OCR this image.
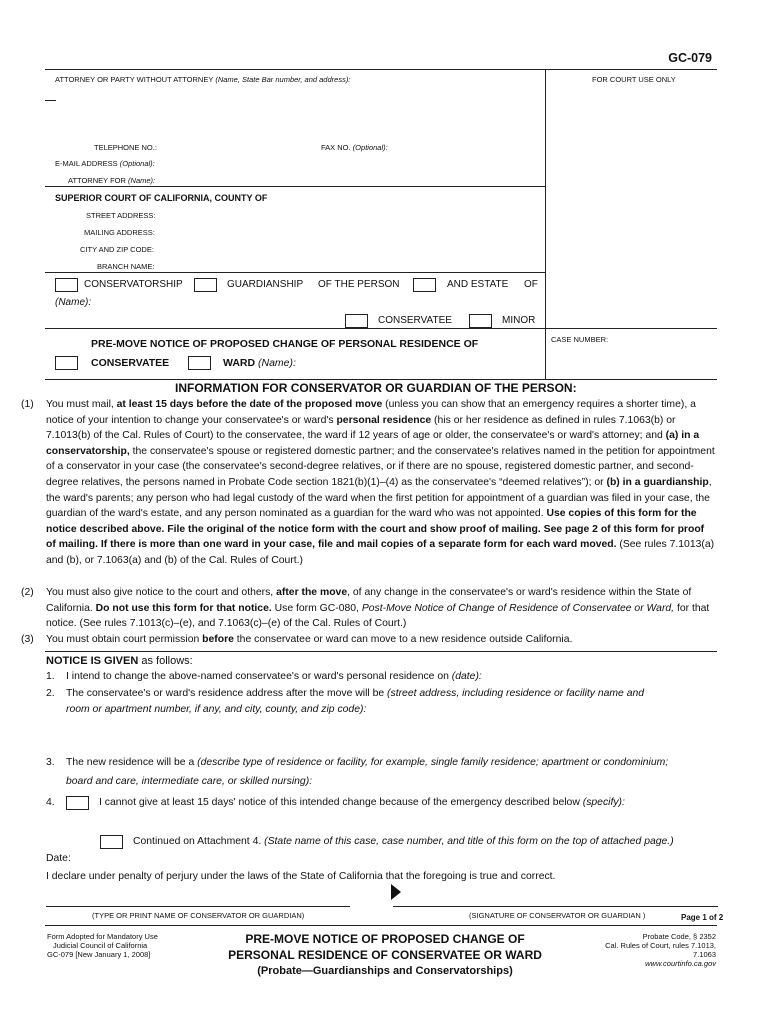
GC-079
ATTORNEY OR PARTY WITHOUT ATTORNEY (Name, State Bar number, and address):	FOR COURT USE ONLY
TELEPHONE NO.:	FAX NO. (Optional):
E-MAIL ADDRESS (Optional):
ATTORNEY FOR (Name):
SUPERIOR COURT OF CALIFORNIA, COUNTY OF
STREET ADDRESS:
MAILING ADDRESS:
CITY AND ZIP CODE:
BRANCH NAME:
CONSERVATORSHIP	GUARDIANSHIP OF THE PERSON	AND ESTATE OF
(Name):
CONSERVATEE	MINOR
PRE-MOVE NOTICE OF PROPOSED CHANGE OF PERSONAL RESIDENCE OF
CONSERVATEE	WARD (Name):
CASE NUMBER:
INFORMATION FOR CONSERVATOR OR GUARDIAN OF THE PERSON:
(1) You must mail, at least 15 days before the date of the proposed move (unless you can show that an emergency requires a shorter time), a notice of your intention to change your conservatee's or ward's personal residence (his or her residence as defined in rules 7.1063(b) or 7.1013(b) of the Cal. Rules of Court) to the conservatee, the ward if 12 years of age or older, the conservatee's or ward's attorney; and (a) in a conservatorship, the conservatee's spouse or registered domestic partner; and the conservatee's relatives named in the petition for appointment of a conservator in your case (the conservatee's second-degree relatives, or if there are no spouse, registered domestic partner, and second-degree relatives, the persons named in Probate Code section 1821(b)(1)–(4) as the conservatee's “deemed relatives”); or (b) in a guardianship, the ward's parents; any person who had legal custody of the ward when the first petition for appointment of a guardian was filed in your case, the guardian of the ward's estate, and any person nominated as a guardian for the ward who was not appointed. Use copies of this form for the notice described above. File the original of the notice form with the court and show proof of mailing. See page 2 of this form for proof of mailing. If there is more than one ward in your case, file and mail copies of a separate form for each ward moved. (See rules 7.1013(a) and (b), or 7.1063(a) and (b) of the Cal. Rules of Court.)
(2) You must also give notice to the court and others, after the move, of any change in the conservatee's or ward's residence within the State of California. Do not use this form for that notice. Use form GC-080, Post-Move Notice of Change of Residence of Conservatee or Ward, for that notice. (See rules 7.1013(c)–(e), and 7.1063(c)–(e) of the Cal. Rules of Court.)
(3) You must obtain court permission before the conservatee or ward can move to a new residence outside California.
NOTICE IS GIVEN as follows:
1. I intend to change the above-named conservatee's or ward's personal residence on (date):
2. The conservatee's or ward's residence address after the move will be (street address, including residence or facility name and
room or apartment number, if any, and city, county, and zip code):
3. The new residence will be a (describe type of residence or facility, for example, single family residence; apartment or condominium;
board and care, intermediate care, or skilled nursing):
4.	I cannot give at least 15 days' notice of this intended change because of the emergency described below (specify):
Continued on Attachment 4. (State name of this case, case number, and title of this form on the top of attached page.)
Date:
I declare under penalty of perjury under the laws of the State of California that the foregoing is true and correct.
(TYPE OR PRINT NAME OF CONSERVATOR OR GUARDIAN)	(SIGNATURE OF CONSERVATOR OR GUARDIAN )	Page 1 of 2
Form Adopted for Mandatory Use
Judicial Council of California
GC-079 [New January 1, 2008]
PRE-MOVE NOTICE OF PROPOSED CHANGE OF
PERSONAL RESIDENCE OF CONSERVATEE OR WARD
(Probate—Guardianships and Conservatorships)
Probate Code, § 2352
Cal. Rules of Court, rules 7.1013,
7.1063
www.courtinfo.ca.gov
